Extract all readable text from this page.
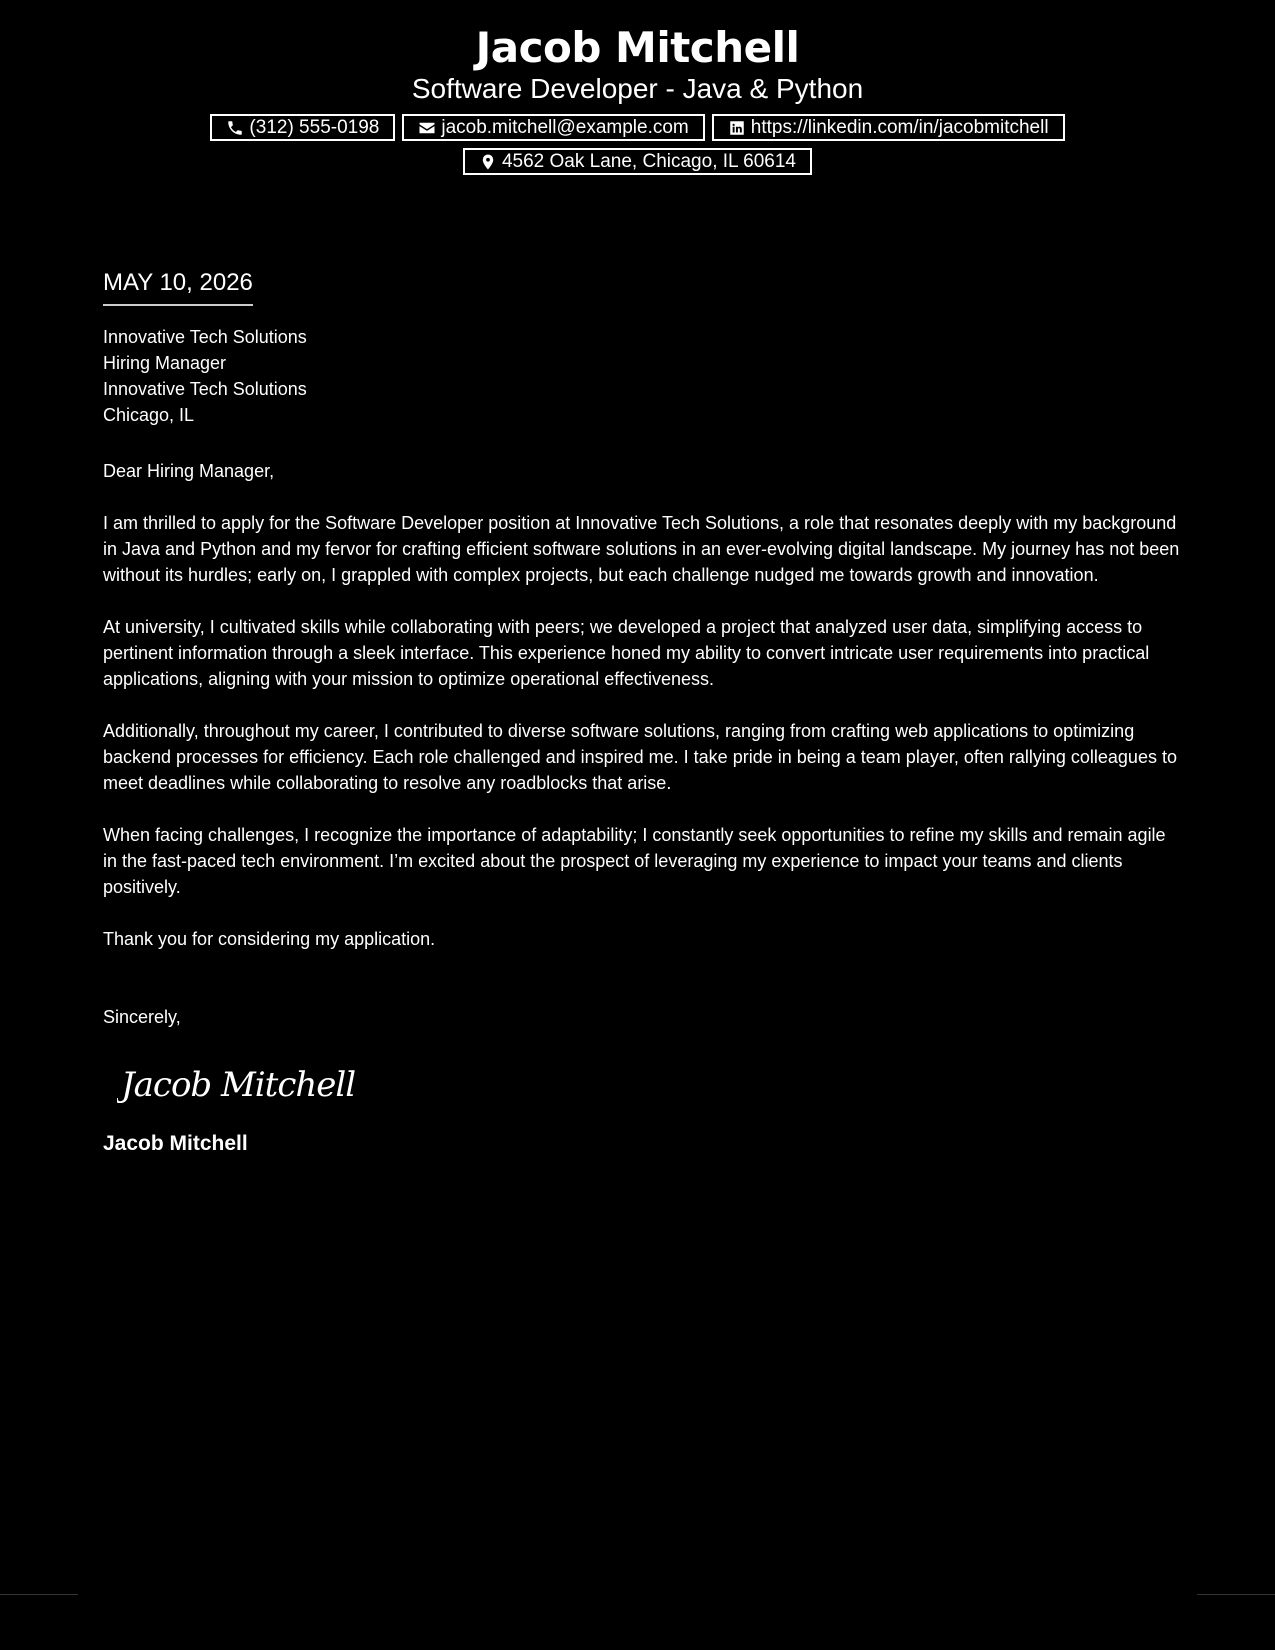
Jacob Mitchell
Software Developer - Java & Python
(312) 555-0198	jacob.mitchell@example.com	https://linkedin.com/in/jacobmitchell
4562 Oak Lane, Chicago, IL 60614
MAY 10, 2026
Innovative Tech Solutions
Hiring Manager
Innovative Tech Solutions
Chicago, IL
Dear Hiring Manager,
I am thrilled to apply for the Software Developer position at Innovative Tech Solutions, a role that resonates deeply with my background in Java and Python and my fervor for crafting efficient software solutions in an ever-evolving digital landscape. My journey has not been without its hurdles; early on, I grappled with complex projects, but each challenge nudged me towards growth and innovation.
At university, I cultivated skills while collaborating with peers; we developed a project that analyzed user data, simplifying access to pertinent information through a sleek interface. This experience honed my ability to convert intricate user requirements into practical applications, aligning with your mission to optimize operational effectiveness.
Additionally, throughout my career, I contributed to diverse software solutions, ranging from crafting web applications to optimizing backend processes for efficiency. Each role challenged and inspired me. I take pride in being a team player, often rallying colleagues to meet deadlines while collaborating to resolve any roadblocks that arise.
When facing challenges, I recognize the importance of adaptability; I constantly seek opportunities to refine my skills and remain agile in the fast-paced tech environment. I’m excited about the prospect of leveraging my experience to impact your teams and clients positively.
Thank you for considering my application.
Sincerely,
Jacob Mitchell
Jacob Mitchell
